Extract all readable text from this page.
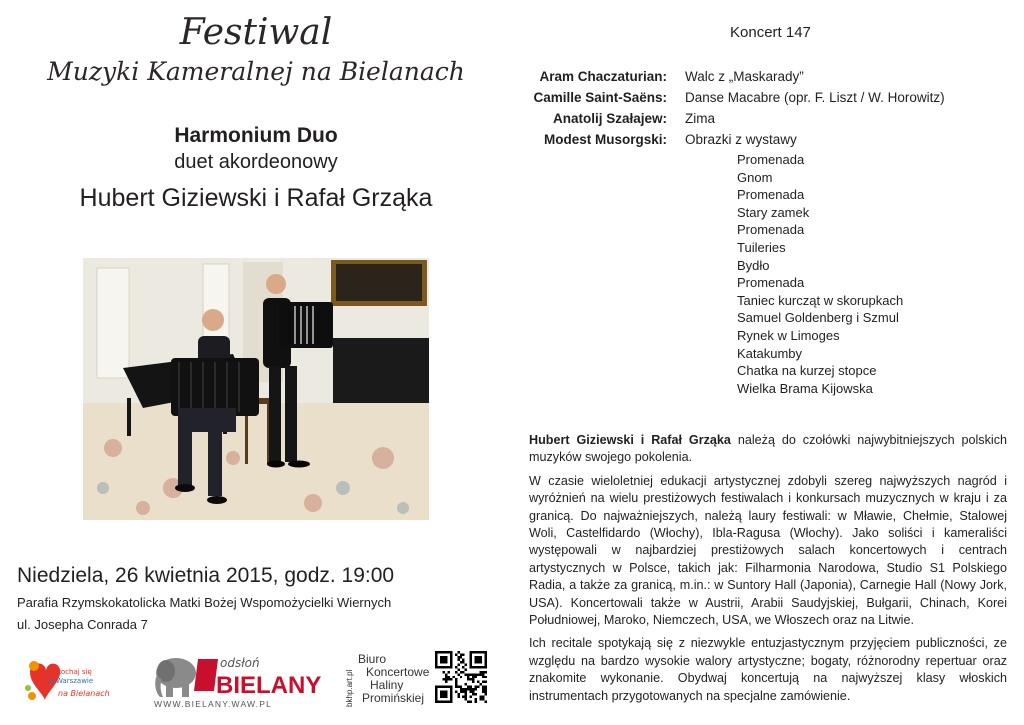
Festiwal
Muzyki Kameralnej na Bielanach
Harmonium Duo
duet akordeonowy
Hubert Giziewski i Rafał Grząka
Niedziela, 26 kwietnia 2015, godz. 19:00
Parafia Rzymskokatolicka Matki Bożej Wspomożycielki Wiernych
ul. Josepha Conrada 7
Zakochaj się
w Warszawie
na Bielanach
odsłoń
BIELANY
WWW.BIELANY.WAW.PL	bkhp.art.pl
Biuro
Koncertowe
Haliny
Promińskiej
Koncert 147
Aram Chaczaturian:	Walc z „Maskarady”
Camille Saint-Saëns:	Danse Macabre (opr. F. Liszt / W. Horowitz)
Anatolij Szałajew:	Zima
Modest Musorgski:	Obrazki z wystawy
Promenada
Gnom
Promenada
Stary zamek
Promenada
Tuileries
Bydło
Promenada
Taniec kurcząt w skorupkach
Samuel Goldenberg i Szmul
Rynek w Limoges
Katakumby
Chatka na kurzej stopce
Wielka Brama Kijowska

Hubert Giziewski i Rafał Grząka należą do czołówki najwybitniejszych polskich muzyków swojego pokolenia.

W czasie wieloletniej edukacji artystycznej zdobyli szereg najwyższych nagród i wyróżnień na wielu prestiżowych festiwalach i konkursach muzycznych w kraju i za granicą. Do najważniejszych, należą laury festiwali: w Mławie, Chełmie, Stalowej Woli, Castelfidardo (Włochy), Ibla-Ragusa (Włochy). Jako soliści i kameraliści występowali w najbardziej prestiżowych salach koncertowych i centrach artystycznych w Polsce, takich jak: Filharmonia Narodowa, Studio S1 Polskiego Radia, a także za granicą, m.in.: w Suntory Hall (Japonia), Carnegie Hall (Nowy Jork, USA). Koncertowali także w Austrii, Arabii Saudyjskiej, Bułgarii, Chinach, Korei Południowej, Maroko, Niemczech, USA, we Włoszech oraz na Litwie.

Ich recitale spotykają się z niezwykle entuzjastycznym przyjęciem publiczności, ze względu na bardzo wysokie walory artystyczne; bogaty, różnorodny repertuar oraz znakomite wykonanie. Obydwaj koncertują na najwyższej klasy włoskich instrumentach przygotowanych na specjalne zamówienie.
